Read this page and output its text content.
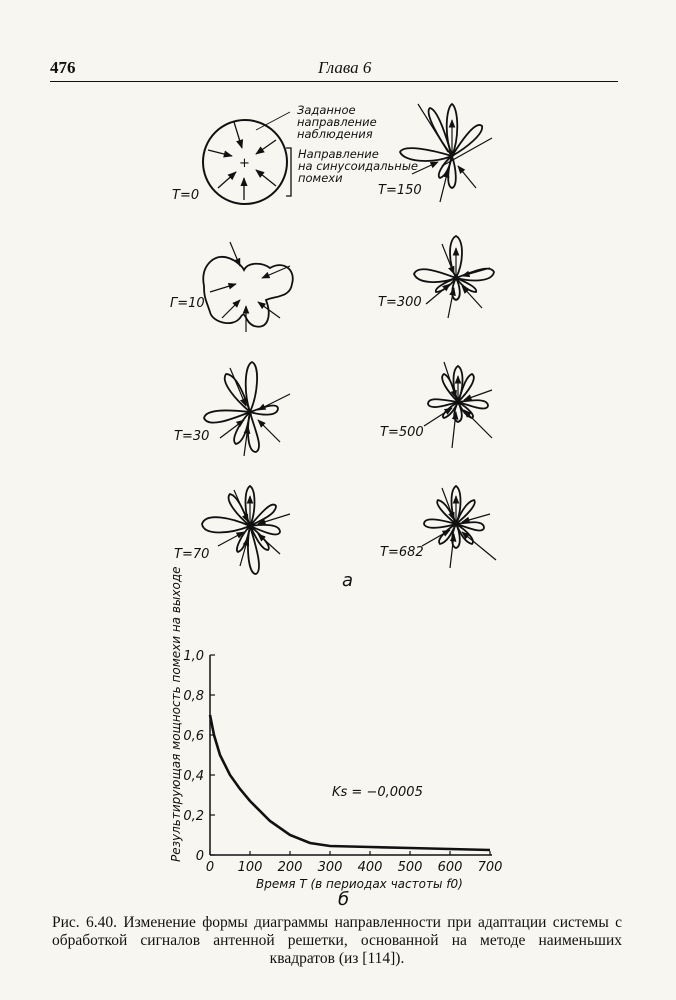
476	Глава 6
+
Заданное
направление
наблюдения
Направление
на синусоидальные
помехи
T=0	T=150
Г=10	T=300
T=30	T=500
T=70	T=682
а
0
0,2
0,4
0,6
0,8
1,0
0 100 200 300 400 500 600 700
Ks = −0,0005
Время T (в периодах частоты f0)
Результирующая мощность помехи на выходе
б
Рис. 6.40. Изменение формы диаграммы направленности при адаптации системы с обработкой сигналов антенной решетки, основанной на методе наименьших квадратов (из [114]).
